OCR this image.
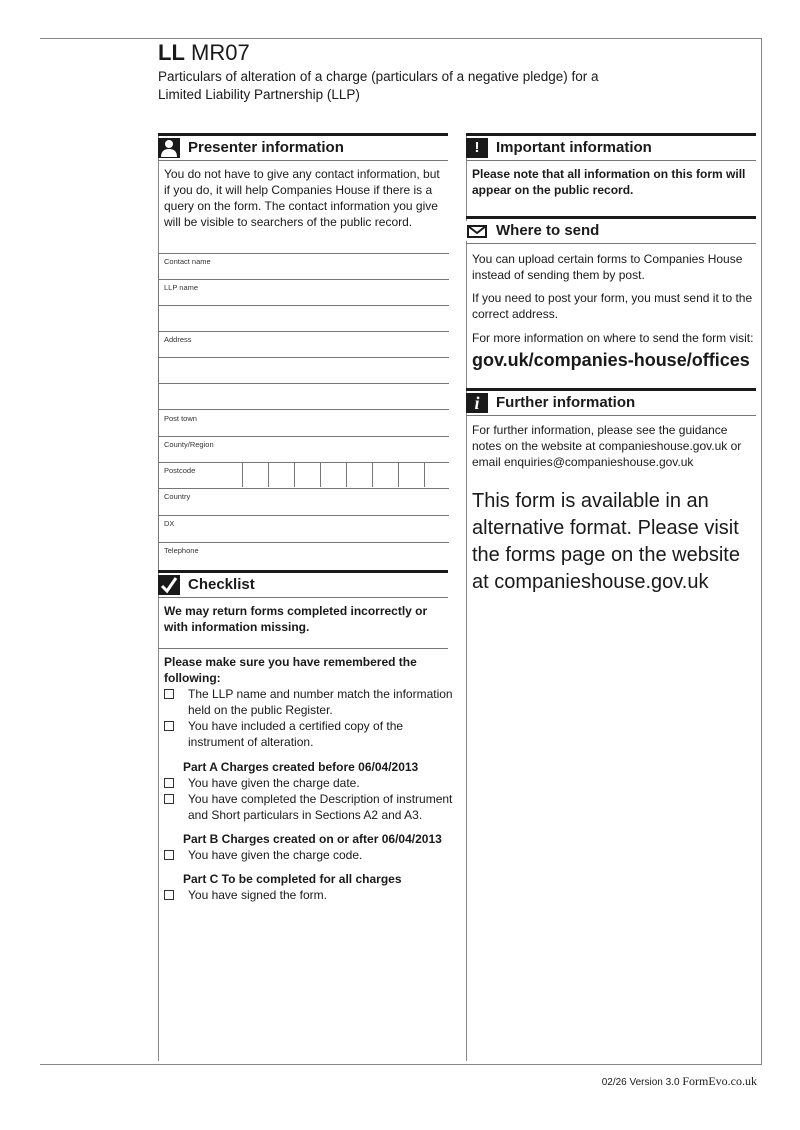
LL MR07
Particulars of alteration of a charge (particulars of a negative pledge) for a Limited Liability Partnership (LLP)
Presenter information
You do not have to give any contact information, but if you do, it will help Companies House if there is a query on the form. The contact information you give will be visible to searchers of the public record.
Contact name
LLP name
Address
Post town
County/Region
Postcode
Country
DX
Telephone
Checklist
We may return forms completed incorrectly or with information missing.
Please make sure you have remembered the following:
The LLP name and number match the information held on the public Register.
You have included a certified copy of the instrument of alteration.
Part A Charges created before 06/04/2013
You have given the charge date.
You have completed the Description of instrument and Short particulars in Sections A2 and A3.
Part B Charges created on or after 06/04/2013
You have given the charge code.
Part C To be completed for all charges
You have signed the form.
!	Important information
Please note that all information on this form will appear on the public record.
Where to send
You can upload certain forms to Companies House instead of sending them by post.
If you need to post your form, you must send it to the correct address.
For more information on where to send the form visit:
gov.uk/companies-house/offices
i	Further information
For further information, please see the guidance notes on the website at companieshouse.gov.uk or email enquiries@companieshouse.gov.uk
This form is available in an alternative format. Please visit the forms page on the website at companieshouse.gov.uk
02/26 Version 3.0 FormEvo.co.uk
